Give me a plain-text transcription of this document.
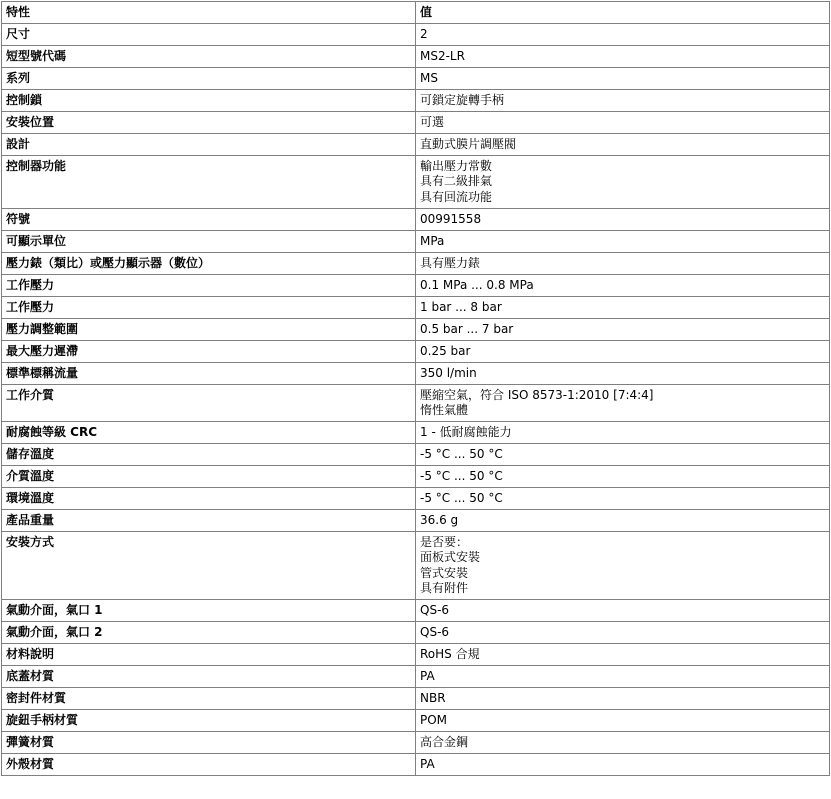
特性	值
尺寸	2

短型號代碼	MS2-LR

系列	MS

控制鎖	可鎖定旋轉手柄

安裝位置	可選

設計	直動式膜片調壓閥

控制器功能	輸出壓力常數
具有二級排氣
具有回流功能

符號	00991558

可顯示單位	MPa

壓力錶（類比）或壓力顯示器（數位）	具有壓力錶

工作壓力	0.1 MPa ... 0.8 MPa

工作壓力	1 bar ... 8 bar

壓力調整範圍	0.5 bar ... 7 bar

最大壓力遲滯	0.25 bar

標準標稱流量	350 l/min

工作介質	壓縮空氣，符合 ISO 8573-1:2010 [7:4:4]
惰性氣體

耐腐蝕等級 CRC	1 - 低耐腐蝕能力

儲存溫度	-5 °C ... 50 °C

介質溫度	-5 °C ... 50 °C

環境溫度	-5 °C ... 50 °C

產品重量	36.6 g

安裝方式	是否要：
面板式安裝
管式安裝
具有附件

氣動介面，氣口 1	QS-6

氣動介面，氣口 2	QS-6

材料說明	RoHS 合規

底蓋材質	PA

密封件材質	NBR

旋鈕手柄材質	POM

彈簧材質	高合金鋼

外殼材質	PA
